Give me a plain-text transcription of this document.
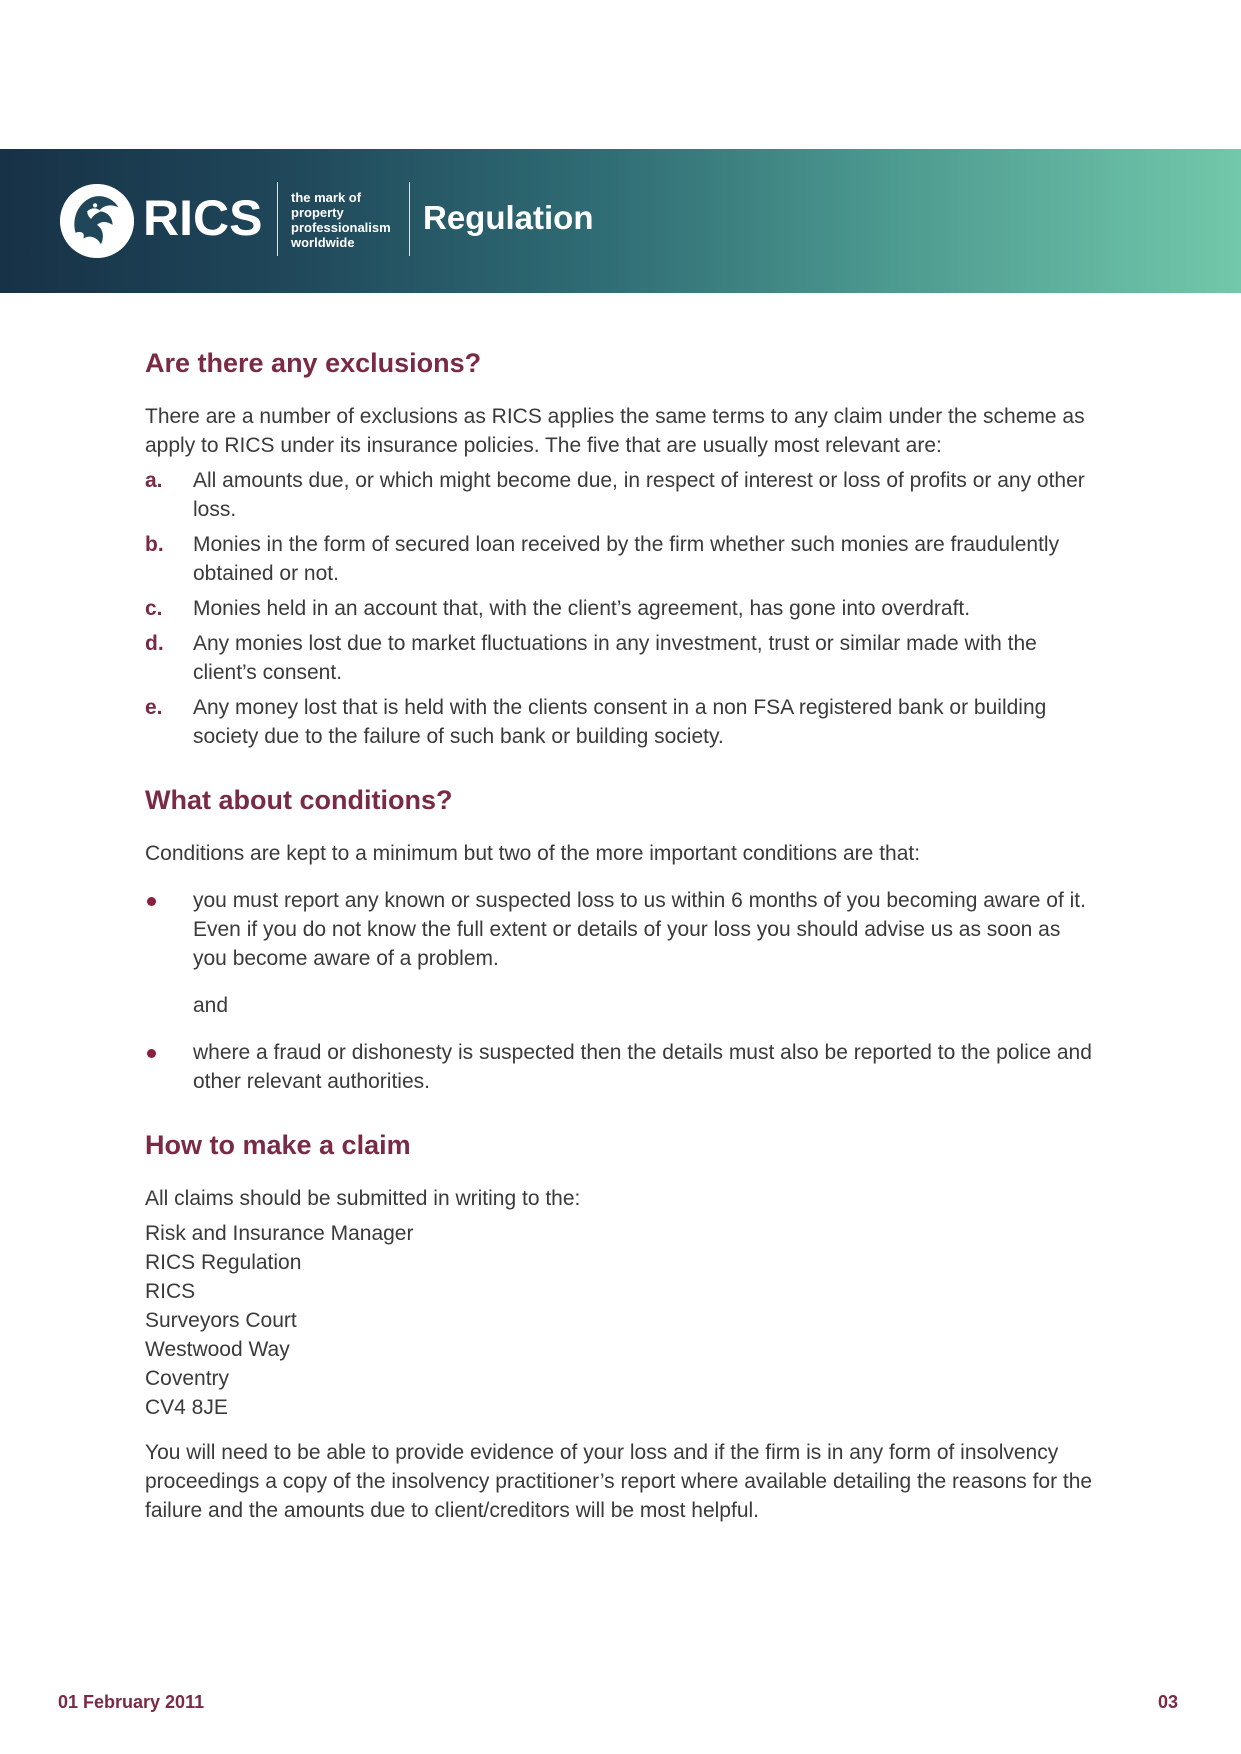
RICS the mark of
property
professionalism
worldwide
Regulation
Are there any exclusions?

There are a number of exclusions as RICS applies the same terms to any claim under the scheme as apply to RICS under its insurance policies. The five that are usually most relevant are:

a. All amounts due, or which might become due, in respect of interest or loss of profits or any other loss.
b. Monies in the form of secured loan received by the firm whether such monies are fraudulently obtained or not.
c. Monies held in an account that, with the client’s agreement, has gone into overdraft.
d. Any monies lost due to market fluctuations in any investment, trust or similar made with the client’s consent.
e. Any money lost that is held with the clients consent in a non FSA registered bank or building society due to the failure of such bank or building society.
What about conditions?

Conditions are kept to a minimum but two of the more important conditions are that:

you must report any known or suspected loss to us within 6 months of you becoming aware of it. Even if you do not know the full extent or details of your loss you should advise us as soon as you become aware of a problem.
and
where a fraud or dishonesty is suspected then the details must also be reported to the police and other relevant authorities.
How to make a claim

All claims should be submitted in writing to the:

Risk and Insurance Manager

RICS Regulation

RICS

Surveyors Court

Westwood Way

Coventry

CV4 8JE

You will need to be able to provide evidence of your loss and if the firm is in any form of insolvency proceedings a copy of the insolvency practitioner’s report where available detailing the reasons for the failure and the amounts due to client/creditors will be most helpful.

01 February 2011	03
